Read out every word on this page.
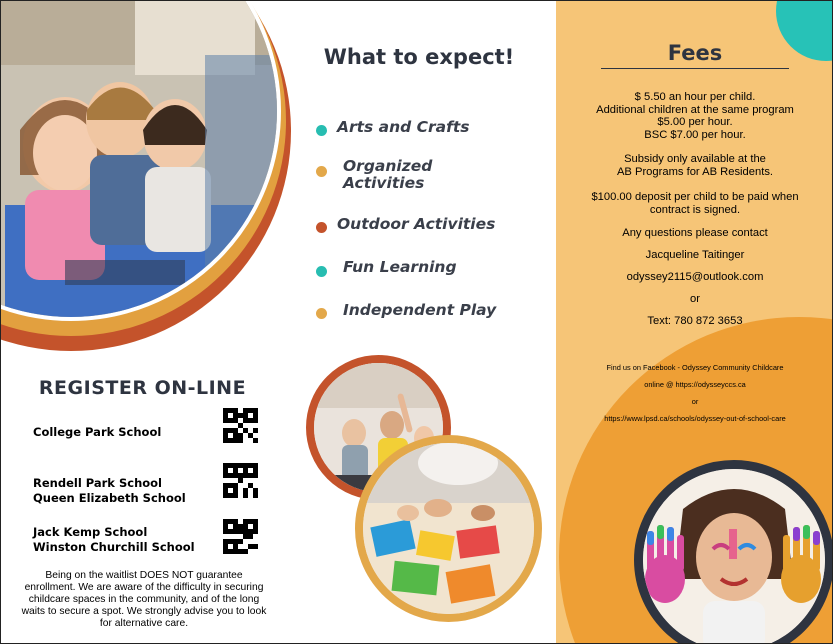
REGISTER ON-LINE
College Park School
Rendell Park School
Queen Elizabeth School
Jack Kemp School
Winston Churchill School
Being on the waitlist DOES NOT guarantee enrollment. We are aware of the difficulty in securing childcare spaces in the community, and of the long waits to secure a spot. We strongly advise you to look for alternative care.
What to expect!
Arts and Crafts
Organized
Activities
Outdoor Activities
Fun Learning
Independent Play
Fees
$ 5.50 an hour per child.
Additional children at the same program
$5.00 per hour.
BSC $7.00 per hour.
Subsidy only available at the
AB Programs for AB Residents.
$100.00 deposit per child to be paid when
contract is signed.
Any questions please contact
Jacqueline Taitinger
odyssey2115@outlook.com
or
Text: 780 872 3653
Find us on Facebook - Odyssey Community Childcare
online @ https://odysseyccs.ca
or
https://www.lpsd.ca/schools/odyssey-out-of-school-care
